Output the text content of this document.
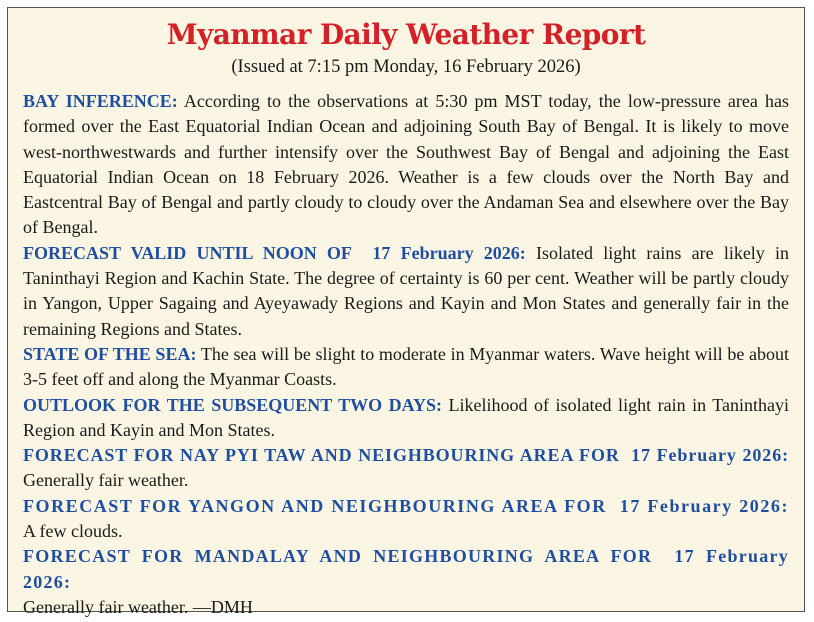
Myanmar Daily Weather Report
(Issued at 7:15 pm Monday, 16 February 2026)

BAY INFERENCE: According to the observations at 5:30 pm MST today, the low-pressure area has formed over the East Equatorial Indian Ocean and adjoining South Bay of Bengal. It is likely to move west-northwestwards and further intensify over the Southwest Bay of Bengal and adjoining the East Equatorial Indian Ocean on 18 February 2026. Weather is a few clouds over the North Bay and Eastcentral Bay of Bengal and partly cloudy to cloudy over the Andaman Sea and elsewhere over the Bay of Bengal.

FORECAST VALID UNTIL NOON OF 17 February 2026: Isolated light rains are likely in Taninthayi Region and Kachin State. The degree of certainty is 60 per cent. Weather will be partly cloudy in Yangon, Upper Sagaing and Ayeyawady Regions and Kayin and Mon States and generally fair in the remaining Regions and States.

STATE OF THE SEA: The sea will be slight to moderate in Myanmar waters. Wave height will be about 3-5 feet off and along the Myanmar Coasts.

OUTLOOK FOR THE SUBSEQUENT TWO DAYS: Likelihood of isolated light rain in Taninthayi Region and Kayin and Mon States.

FORECAST FOR NAY PYI TAW AND NEIGHBOURING AREA FOR 17 February 2026:
Generally fair weather.

FORECAST FOR YANGON AND NEIGHBOURING AREA FOR 17 February 2026:
A few clouds.

FORECAST FOR MANDALAY AND NEIGHBOURING AREA FOR 17 February 2026:
Generally fair weather. —DMH
